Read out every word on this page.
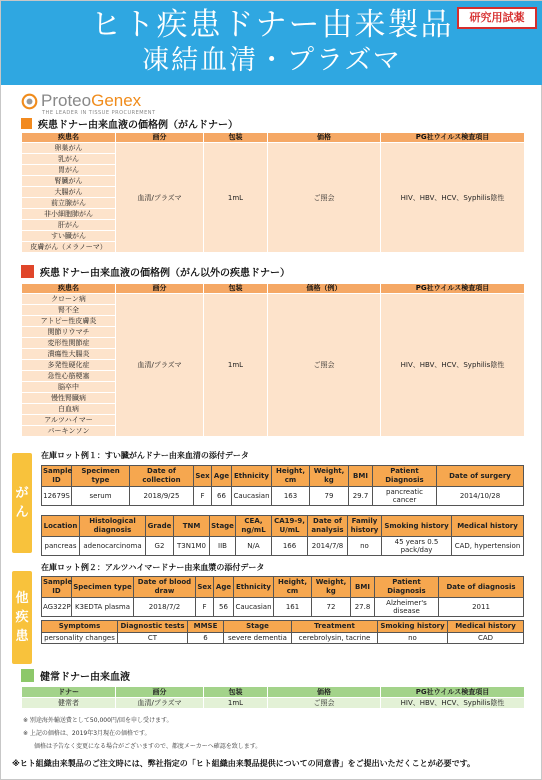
ヒト疾患ドナー由来製品
凍結血清・プラズマ
研究用試薬
ProteoGenex
THE LEADER IN TISSUE PROCUREMENT
疾患ドナー由来血液の価格例（がんドナー）
疾患名	画分	包装	価格	PG社ウイルス検査項目
卵巣がん	血清/プラズマ	1mL	ご照会	HIV、HBV、HCV、Syphilis陰性
乳がん				
胃がん				
腎臓がん				
大腸がん				
前立腺がん				
非小細胞肺がん				
肝がん				
すい臓がん				
皮膚がん（メラノーマ）				
疾患ドナー由来血液の価格例（がん以外の疾患ドナー）
疾患名	画分	包装	価格（例）	PG社ウイルス検査項目
クローン病	血清/プラズマ	1mL	ご照会	HIV、HBV、HCV、Syphilis陰性
腎不全				
アトピー性皮膚炎				
関節リウマチ				
変形性関節症				
潰瘍性大腸炎				
多発性硬化症				
急性心筋梗塞				
脳卒中				
慢性腎臓病				
白血病				
アルツハイマー				
パーキンソン				
が
ん
在庫ロット例１：すい臓がんドナー由来血清の添付データ
Sample ID	Specimen type	Date of collection	Sex	Age	Ethnicity	Height, cm	Weight, kg	BMI	Patient Diagnosis	Date of surgery
12679S	serum	2018/9/25	F	66	Caucasian	163	79	29.7	pancreatic cancer	2014/10/28
Location	Histological diagnosis	Grade	TNM	Stage	CEA, ng/mL	CA19-9, U/mL	Date of analysis	Family history	Smoking history	Medical history
pancreas	adenocarcinoma	G2	T3N1M0	IIB	N/A	166	2014/7/8	no	45 years 0.5 pack/day	CAD, hypertension
他
疾
患
在庫ロット例２：アルツハイマードナー由来血漿の添付データ
Sample ID	Specimen type	Date of blood draw	Sex	Age	Ethnicity	Height, cm	Weight, kg	BMI	Patient Diagnosis	Date of diagnosis
AG322P	K3EDTA plasma	2018/7/2	F	56	Caucasian	161	72	27.8	Alzheimer's disease	2011
Symptoms	Diagnostic tests	MMSE	Stage	Treatment	Smoking history	Medical history
personality changes	CT	6	severe dementia	cerebrolysin, tacrine	no	CAD
健常ドナー由来血液
ドナー	画分	包装	価格	PG社ウイルス検査項目
健常者	血清/プラズマ	1mL	ご照会	HIV、HBV、HCV、Syphilis陰性
※ 別途海外輸送費として50,000円/回を申し受けます。
※ 上記の価格は、2019年3月現在の価格です。
価格は予告なく変更になる場合がございますので、都度メーカーへ確認を致します。
※ヒト組織由来製品のご注文時には、弊社指定の「ヒト組織由来製品提供についての同意書」をご提出いただくことが必要です。
